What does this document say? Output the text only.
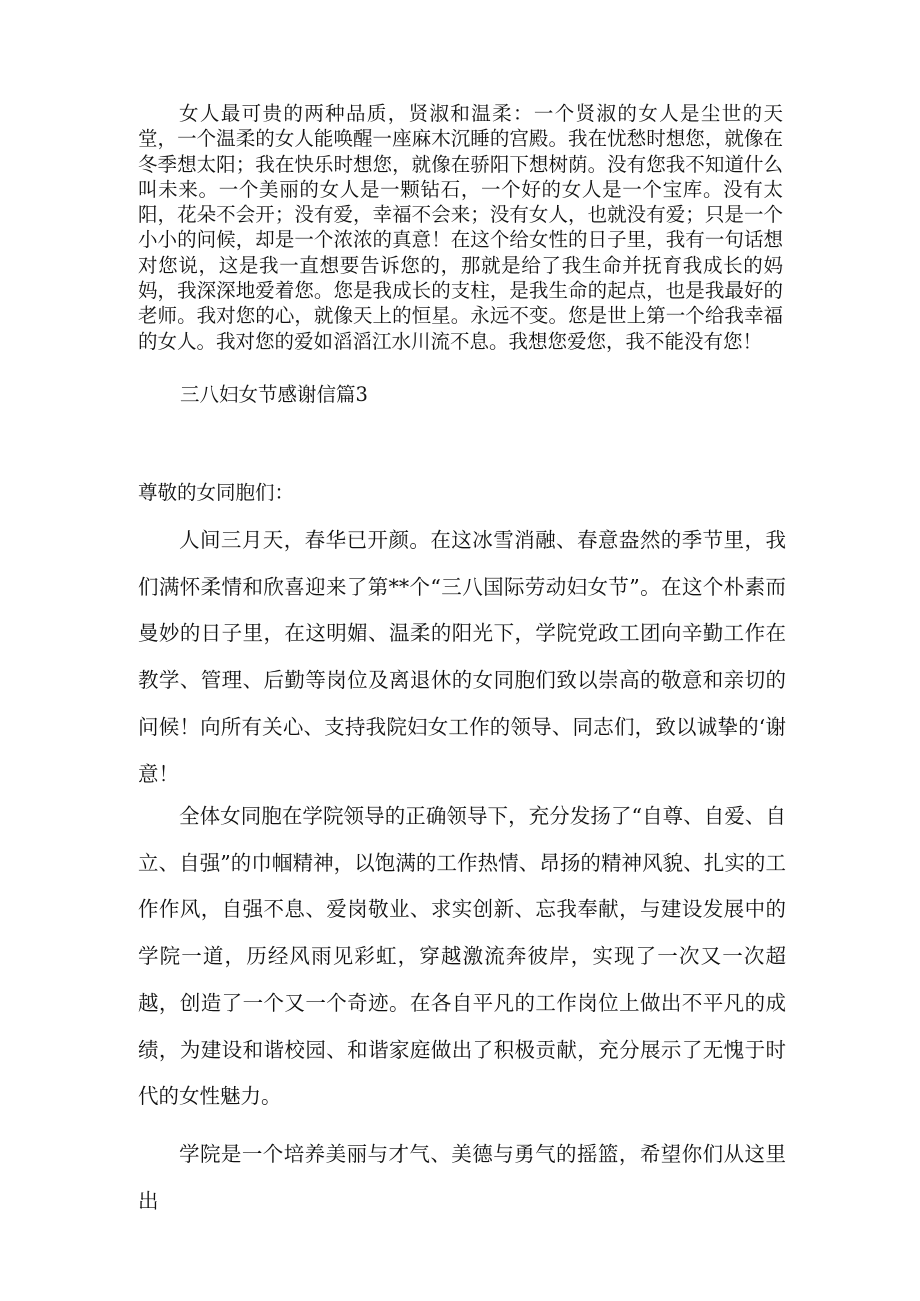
女人最可贵的两种品质，贤淑和温柔：一个贤淑的女人是尘世的天堂，一个温柔的女人能唤醒一座麻木沉睡的宫殿。我在忧愁时想您，就像在冬季想太阳；我在快乐时想您，就像在骄阳下想树荫。没有您我不知道什么叫未来。一个美丽的女人是一颗钻石，一个好的女人是一个宝库。没有太阳，花朵不会开；没有爱，幸福不会来；没有女人，也就没有爱；只是一个小小的问候，却是一个浓浓的真意！在这个给女性的日子里，我有一句话想对您说，这是我一直想要告诉您的，那就是给了我生命并抚育我成长的妈妈，我深深地爱着您。您是我成长的支柱，是我生命的起点，也是我最好的老师。我对您的心，就像天上的恒星。永远不变。您是世上第一个给我幸福的女人。我对您的爱如滔滔江水川流不息。我想您爱您，我不能没有您！

三八妇女节感谢信篇3

尊敬的女同胞们：

人间三月天，春华已开颜。在这冰雪消融、春意盎然的季节里，我们满怀柔情和欣喜迎来了第**个“三八国际劳动妇女节”。在这个朴素而曼妙的日子里，在这明媚、温柔的阳光下，学院党政工团向辛勤工作在教学、管理、后勤等岗位及离退休的女同胞们致以崇高的敬意和亲切的问候！向所有关心、支持我院妇女工作的领导、同志们，致以诚挚的‘谢意！

全体女同胞在学院领导的正确领导下，充分发扬了“自尊、自爱、自立、自强”的巾帼精神，以饱满的工作热情、昂扬的精神风貌、扎实的工作作风，自强不息、爱岗敬业、求实创新、忘我奉献，与建设发展中的学院一道，历经风雨见彩虹，穿越激流奔彼岸，实现了一次又一次超越，创造了一个又一个奇迹。在各自平凡的工作岗位上做出不平凡的成绩，为建设和谐校园、和谐家庭做出了积极贡献，充分展示了无愧于时代的女性魅力。

学院是一个培养美丽与才气、美德与勇气的摇篮，希望你们从这里出
